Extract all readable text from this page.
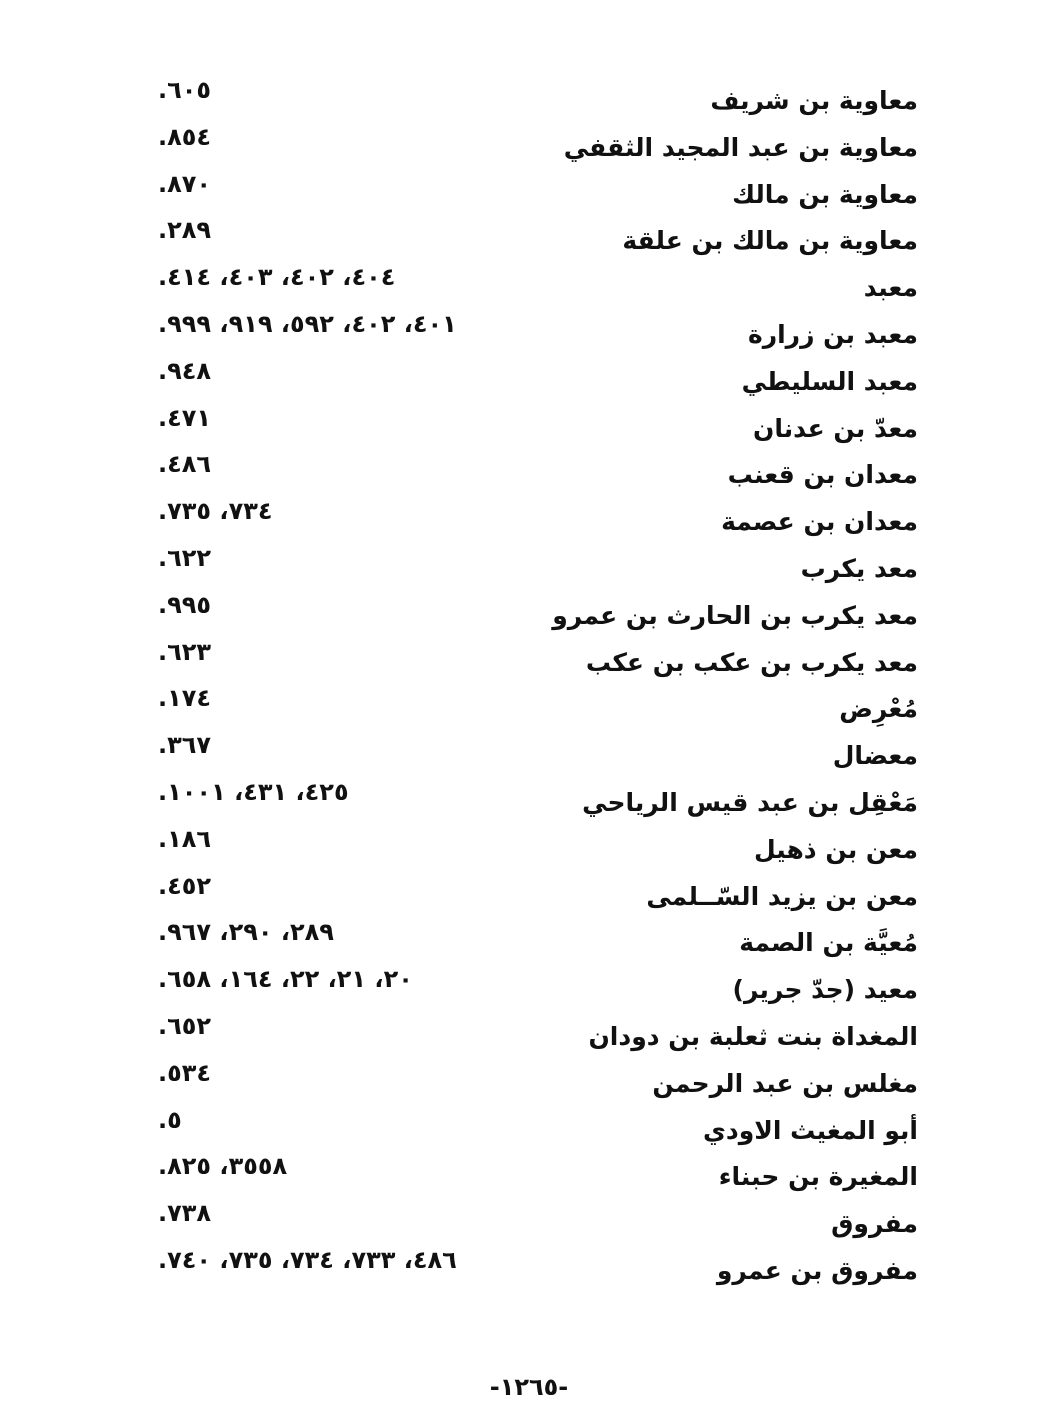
معاوية بن شريف
٦٠٥.
معاوية بن عبد المجيد الثقفي
٨٥٤.
معاوية بن مالك
٨٧٠.
معاوية بن مالك بن علقة
٢٨٩.
معبد
٤٠٤، ٤٠٢، ٤٠٣، ٤١٤.
معبد بن زرارة
٤٠١، ٤٠٢، ٥٩٢، ٩١٩، ٩٩٩.
معبد السليطي
٩٤٨.
معدّ بن عدنان
٤٧١.
معدان بن قعنب
٤٨٦.
معدان بن عصمة
٧٣٤، ٧٣٥.
معد يكرب
٦٢٢.
معد يكرب بن الحارث بن عمرو
٩٩٥.
معد يكرب بن عكب بن عكب
٦٢٣.
مُعْرِض
١٧٤.
معضال
٣٦٧.
مَعْقِل بن عبد قيس الرياحي
٤٢٥، ٤٣١، ١٠٠١.
معن بن ذهيل
١٨٦.
معن بن يزيد السّــلمى
٤٥٢.
مُعيَّة بن الصمة
٢٨٩، ٢٩٠، ٩٦٧.
معيد (جدّ جرير)
٢٠، ٢١، ٢٢، ١٦٤، ٦٥٨.
المغداة بنت ثعلبة بن دودان
٦٥٢.
مغلس بن عبد الرحمن
٥٣٤.
أبو المغيث الاودي
٥.
المغيرة بن حبناء
٣٥٥٨، ٨٢٥.
مفروق
٧٣٨.
مفروق بن عمرو
٤٨٦، ٧٣٣، ٧٣٤، ٧٣٥، ٧٤٠.
-١٢٦٥-
